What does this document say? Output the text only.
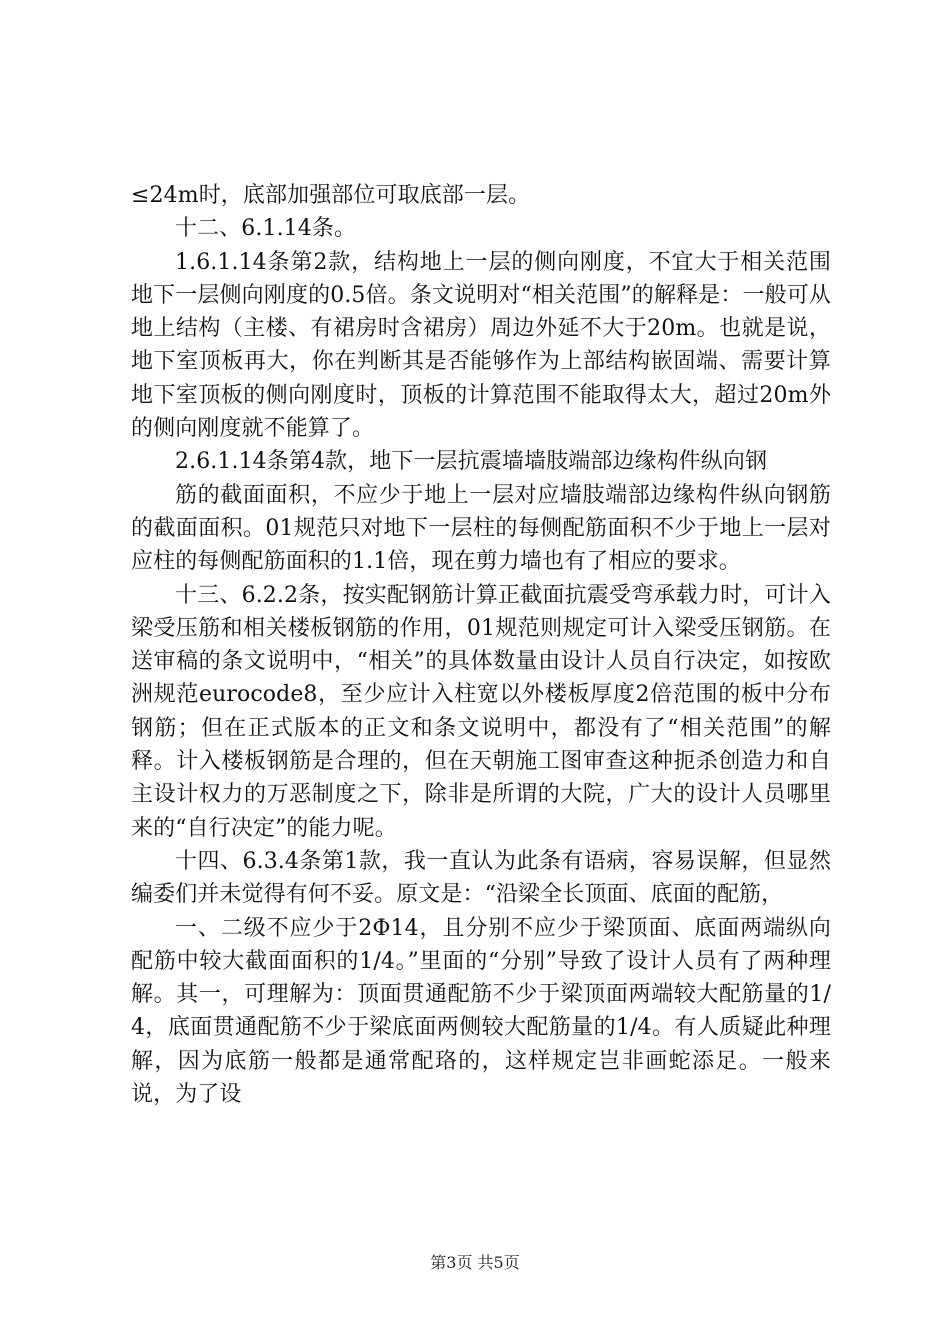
≤24m时，底部加强部位可取底部一层。

十二、6.1.14条。

1.6.1.14条第2款，结构地上一层的侧向刚度，不宜大于相关范围地下一层侧向刚度的0.5倍。条文说明对“相关范围”的解释是：一般可从地上结构（主楼、有裙房时含裙房）周边外延不大于20m。也就是说，地下室顶板再大，你在判断其是否能够作为上部结构嵌固端、需要计算地下室顶板的侧向刚度时，顶板的计算范围不能取得太大，超过20m外的侧向刚度就不能算了。

2.6.1.14条第4款，地下一层抗震墙墙肢端部边缘构件纵向钢

筋的截面面积，不应少于地上一层对应墙肢端部边缘构件纵向钢筋的截面面积。01规范只对地下一层柱的每侧配筋面积不少于地上一层对应柱的每侧配筋面积的1.1倍，现在剪力墙也有了相应的要求。

十三、6.2.2条，按实配钢筋计算正截面抗震受弯承载力时，可计入梁受压筋和相关楼板钢筋的作用，01规范则规定可计入梁受压钢筋。在送审稿的条文说明中，“相关”的具体数量由设计人员自行决定，如按欧洲规范eurocode8，至少应计入柱宽以外楼板厚度2倍范围的板中分布钢筋；但在正式版本的正文和条文说明中，都没有了“相关范围”的解释。计入楼板钢筋是合理的，但在天朝施工图审查这种扼杀创造力和自主设计权力的万恶制度之下，除非是所谓的大院，广大的设计人员哪里来的“自行决定”的能力呢。

十四、6.3.4条第1款，我一直认为此条有语病，容易误解，但显然编委们并未觉得有何不妥。原文是：“沿梁全长顶面、底面的配筋，

一、二级不应少于2Φ14，且分别不应少于梁顶面、底面两端纵向配筋中较大截面面积的1/4。”里面的“分别”导致了设计人员有了两种理解。其一，可理解为：顶面贯通配筋不少于梁顶面两端较大配筋量的1/4，底面贯通配筋不少于梁底面两侧较大配筋量的1/4。有人质疑此种理解，因为底筋一般都是通常配珞的，这样规定岂非画蛇添足。一般来说，为了设

第3页 共5页
